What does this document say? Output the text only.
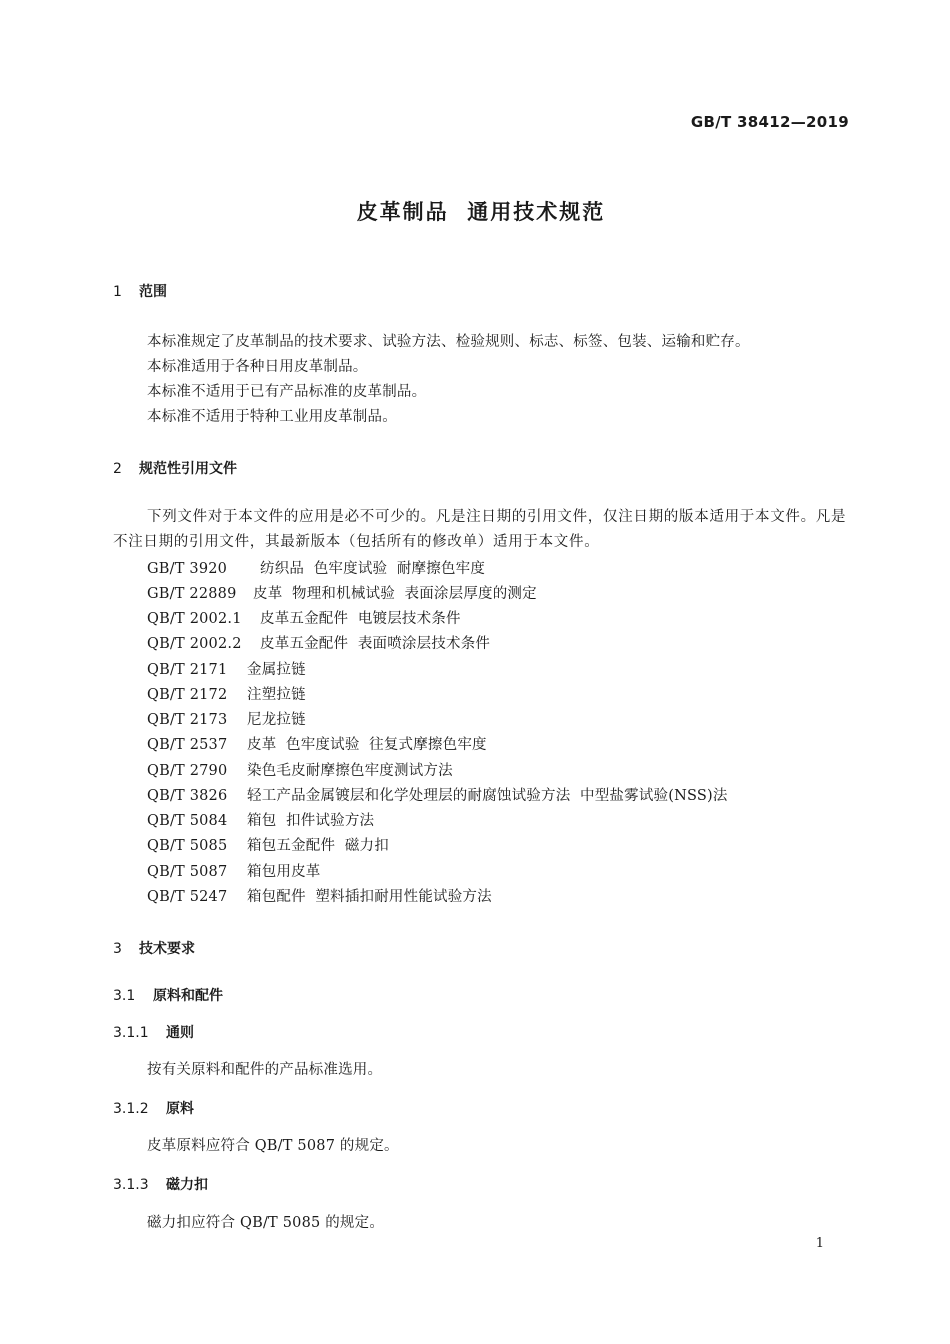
GB/T 38412—2019
皮革制品  通用技术规范
1 范围
本标准规定了皮革制品的技术要求、试验方法、检验规则、标志、标签、包装、运输和贮存。
本标准适用于各种日用皮革制品。
本标准不适用于已有产品标准的皮革制品。
本标准不适用于特种工业用皮革制品。
2 规范性引用文件
下列文件对于本文件的应用是必不可少的。凡是注日期的引用文件，仅注日期的版本适用于本文件。凡是不注日期的引用文件，其最新版本（包括所有的修改单）适用于本文件。
GB/T 3920 纺织品  色牢度试验  耐摩擦色牢度
GB/T 22889 皮革  物理和机械试验  表面涂层厚度的测定
QB/T 2002.1 皮革五金配件  电镀层技术条件
QB/T 2002.2 皮革五金配件  表面喷涂层技术条件
QB/T 2171 金属拉链
QB/T 2172 注塑拉链
QB/T 2173 尼龙拉链
QB/T 2537 皮革  色牢度试验  往复式摩擦色牢度
QB/T 2790 染色毛皮耐摩擦色牢度测试方法
QB/T 3826 轻工产品金属镀层和化学处理层的耐腐蚀试验方法  中型盐雾试验(NSS)法
QB/T 5084 箱包  扣件试验方法
QB/T 5085 箱包五金配件  磁力扣
QB/T 5087 箱包用皮革
QB/T 5247 箱包配件  塑料插扣耐用性能试验方法
3 技术要求
3.1 原料和配件
3.1.1 通则
按有关原料和配件的产品标准选用。
3.1.2 原料
皮革原料应符合 QB/T 5087 的规定。
3.1.3 磁力扣
磁力扣应符合 QB/T 5085 的规定。
1
